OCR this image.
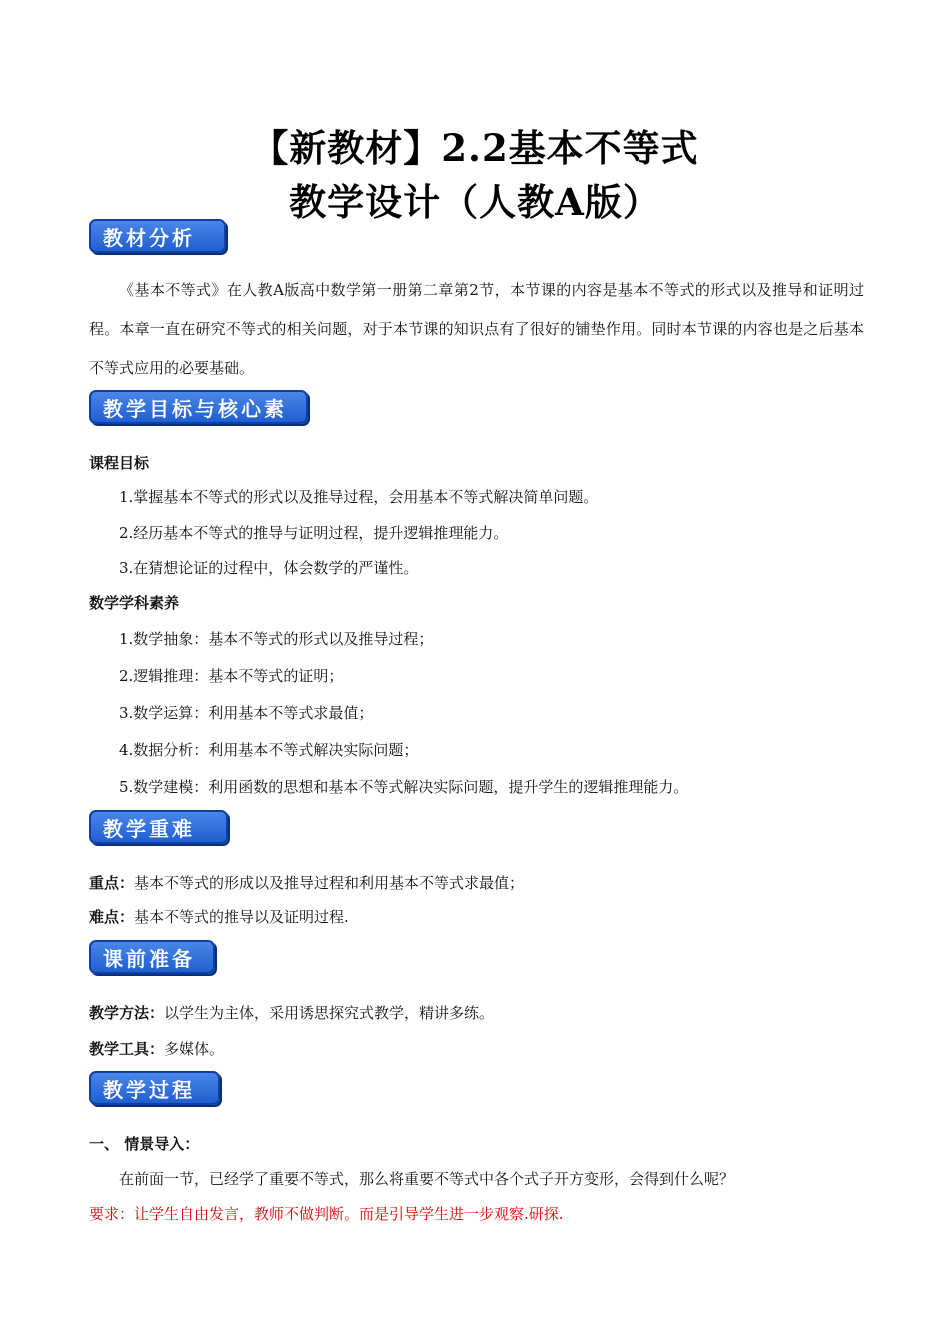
【新教材】2.2基本不等式
教学设计（人教A版）
教材分析

《基本不等式》在人教A版高中数学第一册第二章第2节，本节课的内容是基本不等式的形式以及推导和证明过程。本章一直在研究不等式的相关问题，对于本节课的知识点有了很好的铺垫作用。同时本节课的内容也是之后基本不等式应用的必要基础。

教学目标与核心素养
课程目标
1.掌握基本不等式的形式以及推导过程，会用基本不等式解决简单问题。
2.经历基本不等式的推导与证明过程，提升逻辑推理能力。
3.在猜想论证的过程中，体会数学的严谨性。
数学学科素养
1.数学抽象：基本不等式的形式以及推导过程；
2.逻辑推理：基本不等式的证明；
3.数学运算：利用基本不等式求最值；
4.数据分析：利用基本不等式解决实际问题；
5.数学建模：利用函数的思想和基本不等式解决实际问题，提升学生的逻辑推理能力。
教学重难点
重点：基本不等式的形成以及推导过程和利用基本不等式求最值；
难点：基本不等式的推导以及证明过程.
课前准备
教学方法：以学生为主体，采用诱思探究式教学，精讲多练。
教学工具：多媒体。
教学过程
一、 情景导入：
在前面一节，已经学了重要不等式，那么将重要不等式中各个式子开方变形，会得到什么呢？
要求：让学生自由发言，教师不做判断。而是引导学生进一步观察.研探.
